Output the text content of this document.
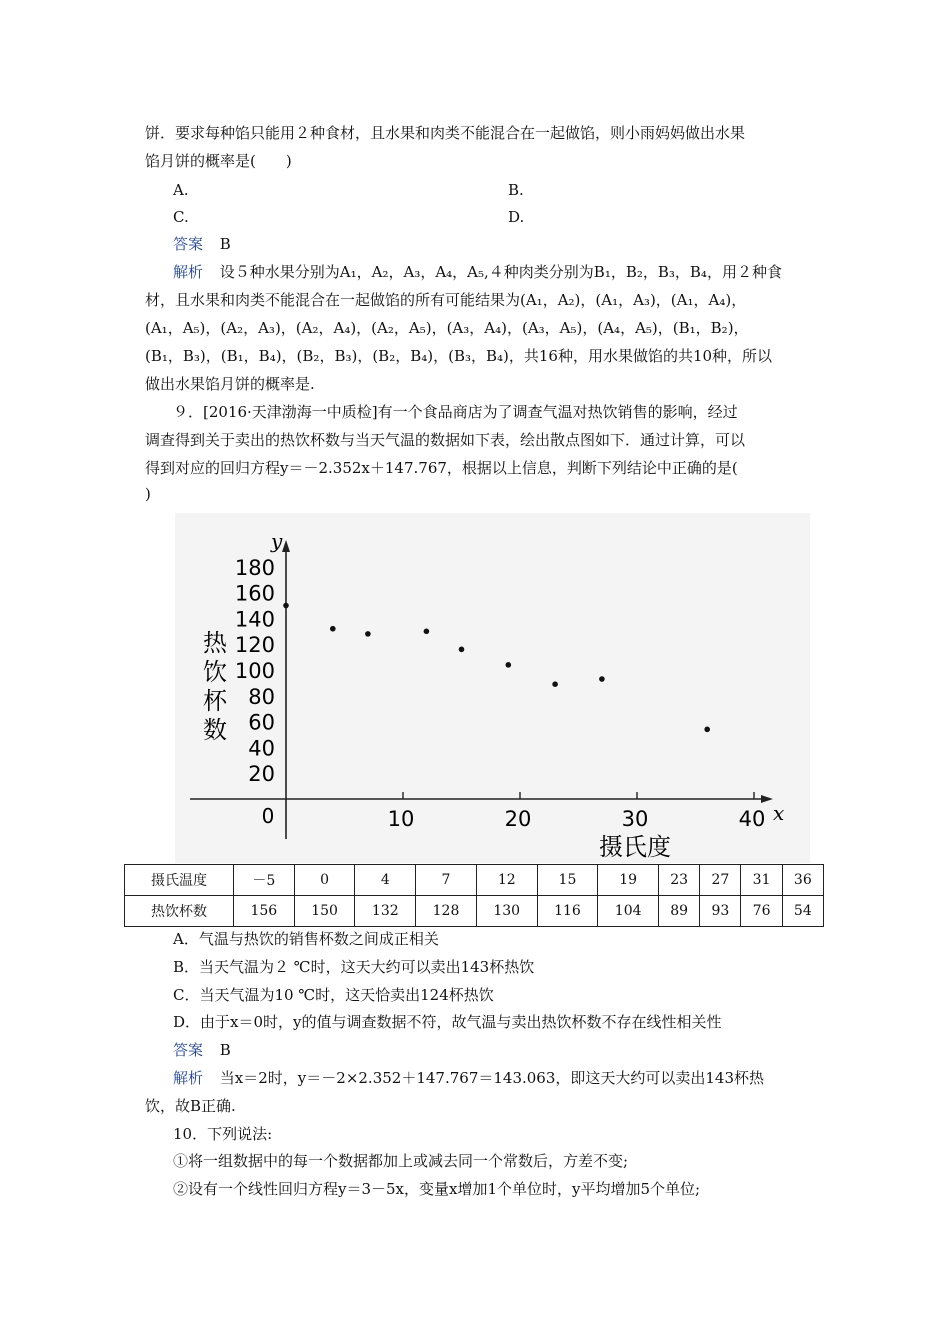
饼．要求每种馅只能用２种食材，且水果和肉类不能混合在一起做馅，则小雨妈妈做出水果
馅月饼的概率是(　　)
A.	B.
C.	D.
答案 B
解析 设５种水果分别为A₁，A₂，A₃，A₄，A₅,４种肉类分别为B₁，B₂，B₃，B₄，用２种食
材，且水果和肉类不能混合在一起做馅的所有可能结果为(A₁，A₂)，(A₁，A₃)，(A₁，A₄)，
(A₁，A₅)，(A₂，A₃)，(A₂，A₄)，(A₂，A₅)，(A₃，A₄)，(A₃，A₅)，(A₄，A₅)，(B₁，B₂)，
(B₁，B₃)，(B₁，B₄)，(B₂，B₃)，(B₂，B₄)，(B₃，B₄)，共16种，用水果做馅的共10种，所以
做出水果馅月饼的概率是.
９．[2016·天津渤海一中质检]有一个食品商店为了调查气温对热饮销售的影响，经过
调查得到关于卖出的热饮杯数与当天气温的数据如下表，绘出散点图如下．通过计算，可以
得到对应的回归方程y＝－2.352x＋147.767，根据以上信息，判断下列结论中正确的是(
)
y
x
0
热饮杯数
摄氏度
20
40
60
80
100
120
140
160
180
10	20	30	40
摄氏温度	－5	0	4	7	12	15	19	23	27	31	36
热饮杯数	156	150	132	128	130	116	104	89	93	76	54
A．气温与热饮的销售杯数之间成正相关
B．当天气温为２ ℃时，这天大约可以卖出143杯热饮
C．当天气温为10 ℃时，这天恰卖出124杯热饮
D．由于x＝0时，y的值与调查数据不符，故气温与卖出热饮杯数不存在线性相关性
答案 B
解析 当x＝2时，y＝－2×2.352＋147.767＝143.063，即这天大约可以卖出143杯热
饮，故B正确.
10．下列说法:
①将一组数据中的每一个数据都加上或减去同一个常数后，方差不变;
②设有一个线性回归方程y＝3－5x，变量x增加1个单位时，y平均增加5个单位;
